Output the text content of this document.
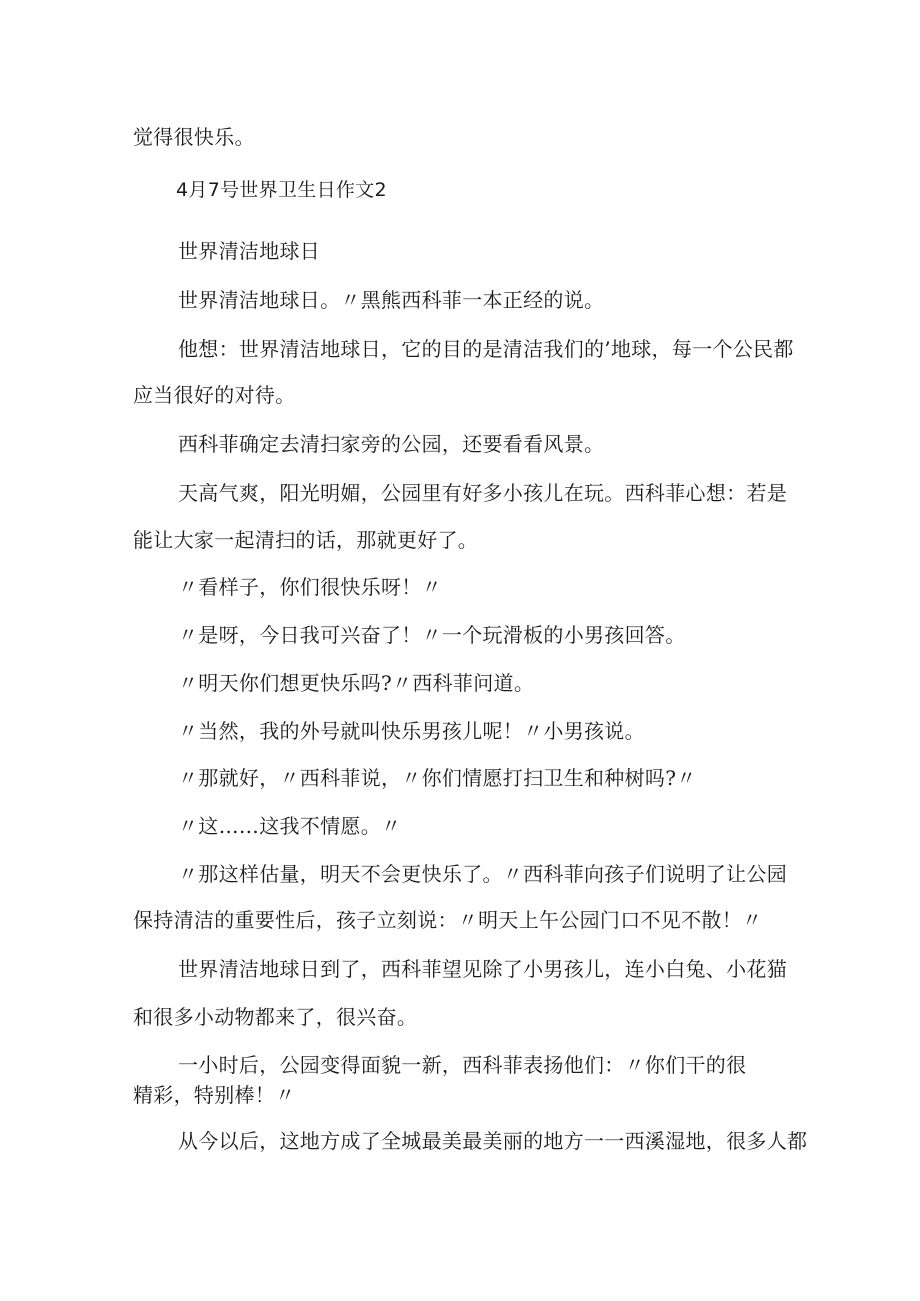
觉得很快乐。
4月7号世界卫生日作文2
世界清洁地球日
世界清洁地球日。〃黑熊西科菲一本正经的说。
他想：世界清洁地球日，它的目的是清洁我们的’地球，每一个公民都
应当很好的对待。
西科菲确定去清扫家旁的公园，还要看看风景。
天高气爽，阳光明媚，公园里有好多小孩儿在玩。西科菲心想：若是
能让大家一起清扫的话，那就更好了。
〃看样子，你们很快乐呀！〃
〃是呀，今日我可兴奋了！〃一个玩滑板的小男孩回答。
〃明天你们想更快乐吗?〃西科菲问道。
〃当然，我的外号就叫快乐男孩儿呢！〃小男孩说。
〃那就好，〃西科菲说，〃你们情愿打扫卫生和种树吗?〃
〃这……这我不情愿。〃
〃那这样估量，明天不会更快乐了。〃西科菲向孩子们说明了让公园
保持清洁的重要性后，孩子立刻说：〃明天上午公园门口不见不散！〃
世界清洁地球日到了，西科菲望见除了小男孩儿，连小白兔、小花猫
和很多小动物都来了，很兴奋。
一小时后，公园变得面貌一新，西科菲表扬他们：〃你们干的很
精彩，特别棒！〃
从今以后，这地方成了全城最美最美丽的地方一一西溪湿地，很多人都
